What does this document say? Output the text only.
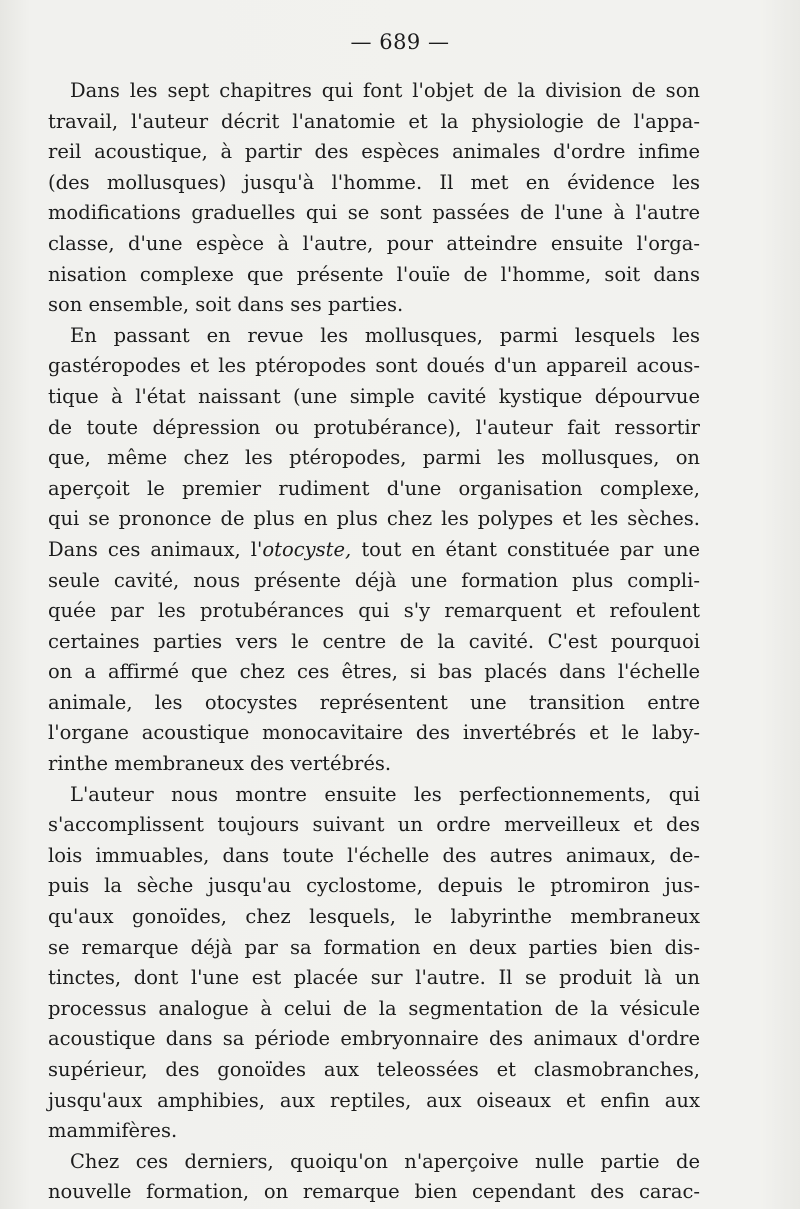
— 689 —
Dans les sept chapitres qui font l'objet de la division de son
travail, l'auteur décrit l'anatomie et la physiologie de l'appa-
reil acoustique, à partir des espèces animales d'ordre infime
(des mollusques) jusqu'à l'homme. Il met en évidence les
modifications graduelles qui se sont passées de l'une à l'autre
classe, d'une espèce à l'autre, pour atteindre ensuite l'orga-
nisation complexe que présente l'ouïe de l'homme, soit dans
son ensemble, soit dans ses parties.
En passant en revue les mollusques, parmi lesquels les
gastéropodes et les ptéropodes sont doués d'un appareil acous-
tique à l'état naissant (une simple cavité kystique dépourvue
de toute dépression ou protubérance), l'auteur fait ressortir
que, même chez les ptéropodes, parmi les mollusques, on
aperçoit le premier rudiment d'une organisation complexe,
qui se prononce de plus en plus chez les polypes et les sèches.
Dans ces animaux, l'otocyste, tout en étant constituée par une
seule cavité, nous présente déjà une formation plus compli-
quée par les protubérances qui s'y remarquent et refoulent
certaines parties vers le centre de la cavité. C'est pourquoi
on a affirmé que chez ces êtres, si bas placés dans l'échelle
animale, les otocystes représentent une transition entre
l'organe acoustique monocavitaire des invertébrés et le laby-
rinthe membraneux des vertébrés.
L'auteur nous montre ensuite les perfectionnements, qui
s'accomplissent toujours suivant un ordre merveilleux et des
lois immuables, dans toute l'échelle des autres animaux, de-
puis la sèche jusqu'au cyclostome, depuis le ptromiron jus-
qu'aux gonoïdes, chez lesquels, le labyrinthe membraneux
se remarque déjà par sa formation en deux parties bien dis-
tinctes, dont l'une est placée sur l'autre. Il se produit là un
processus analogue à celui de la segmentation de la vésicule
acoustique dans sa période embryonnaire des animaux d'ordre
supérieur, des gonoïdes aux teleossées et clasmobranches,
jusqu'aux amphibies, aux reptiles, aux oiseaux et enfin aux
mammifères.
Chez ces derniers, quoiqu'on n'aperçoive nulle partie de
nouvelle formation, on remarque bien cependant des carac-
